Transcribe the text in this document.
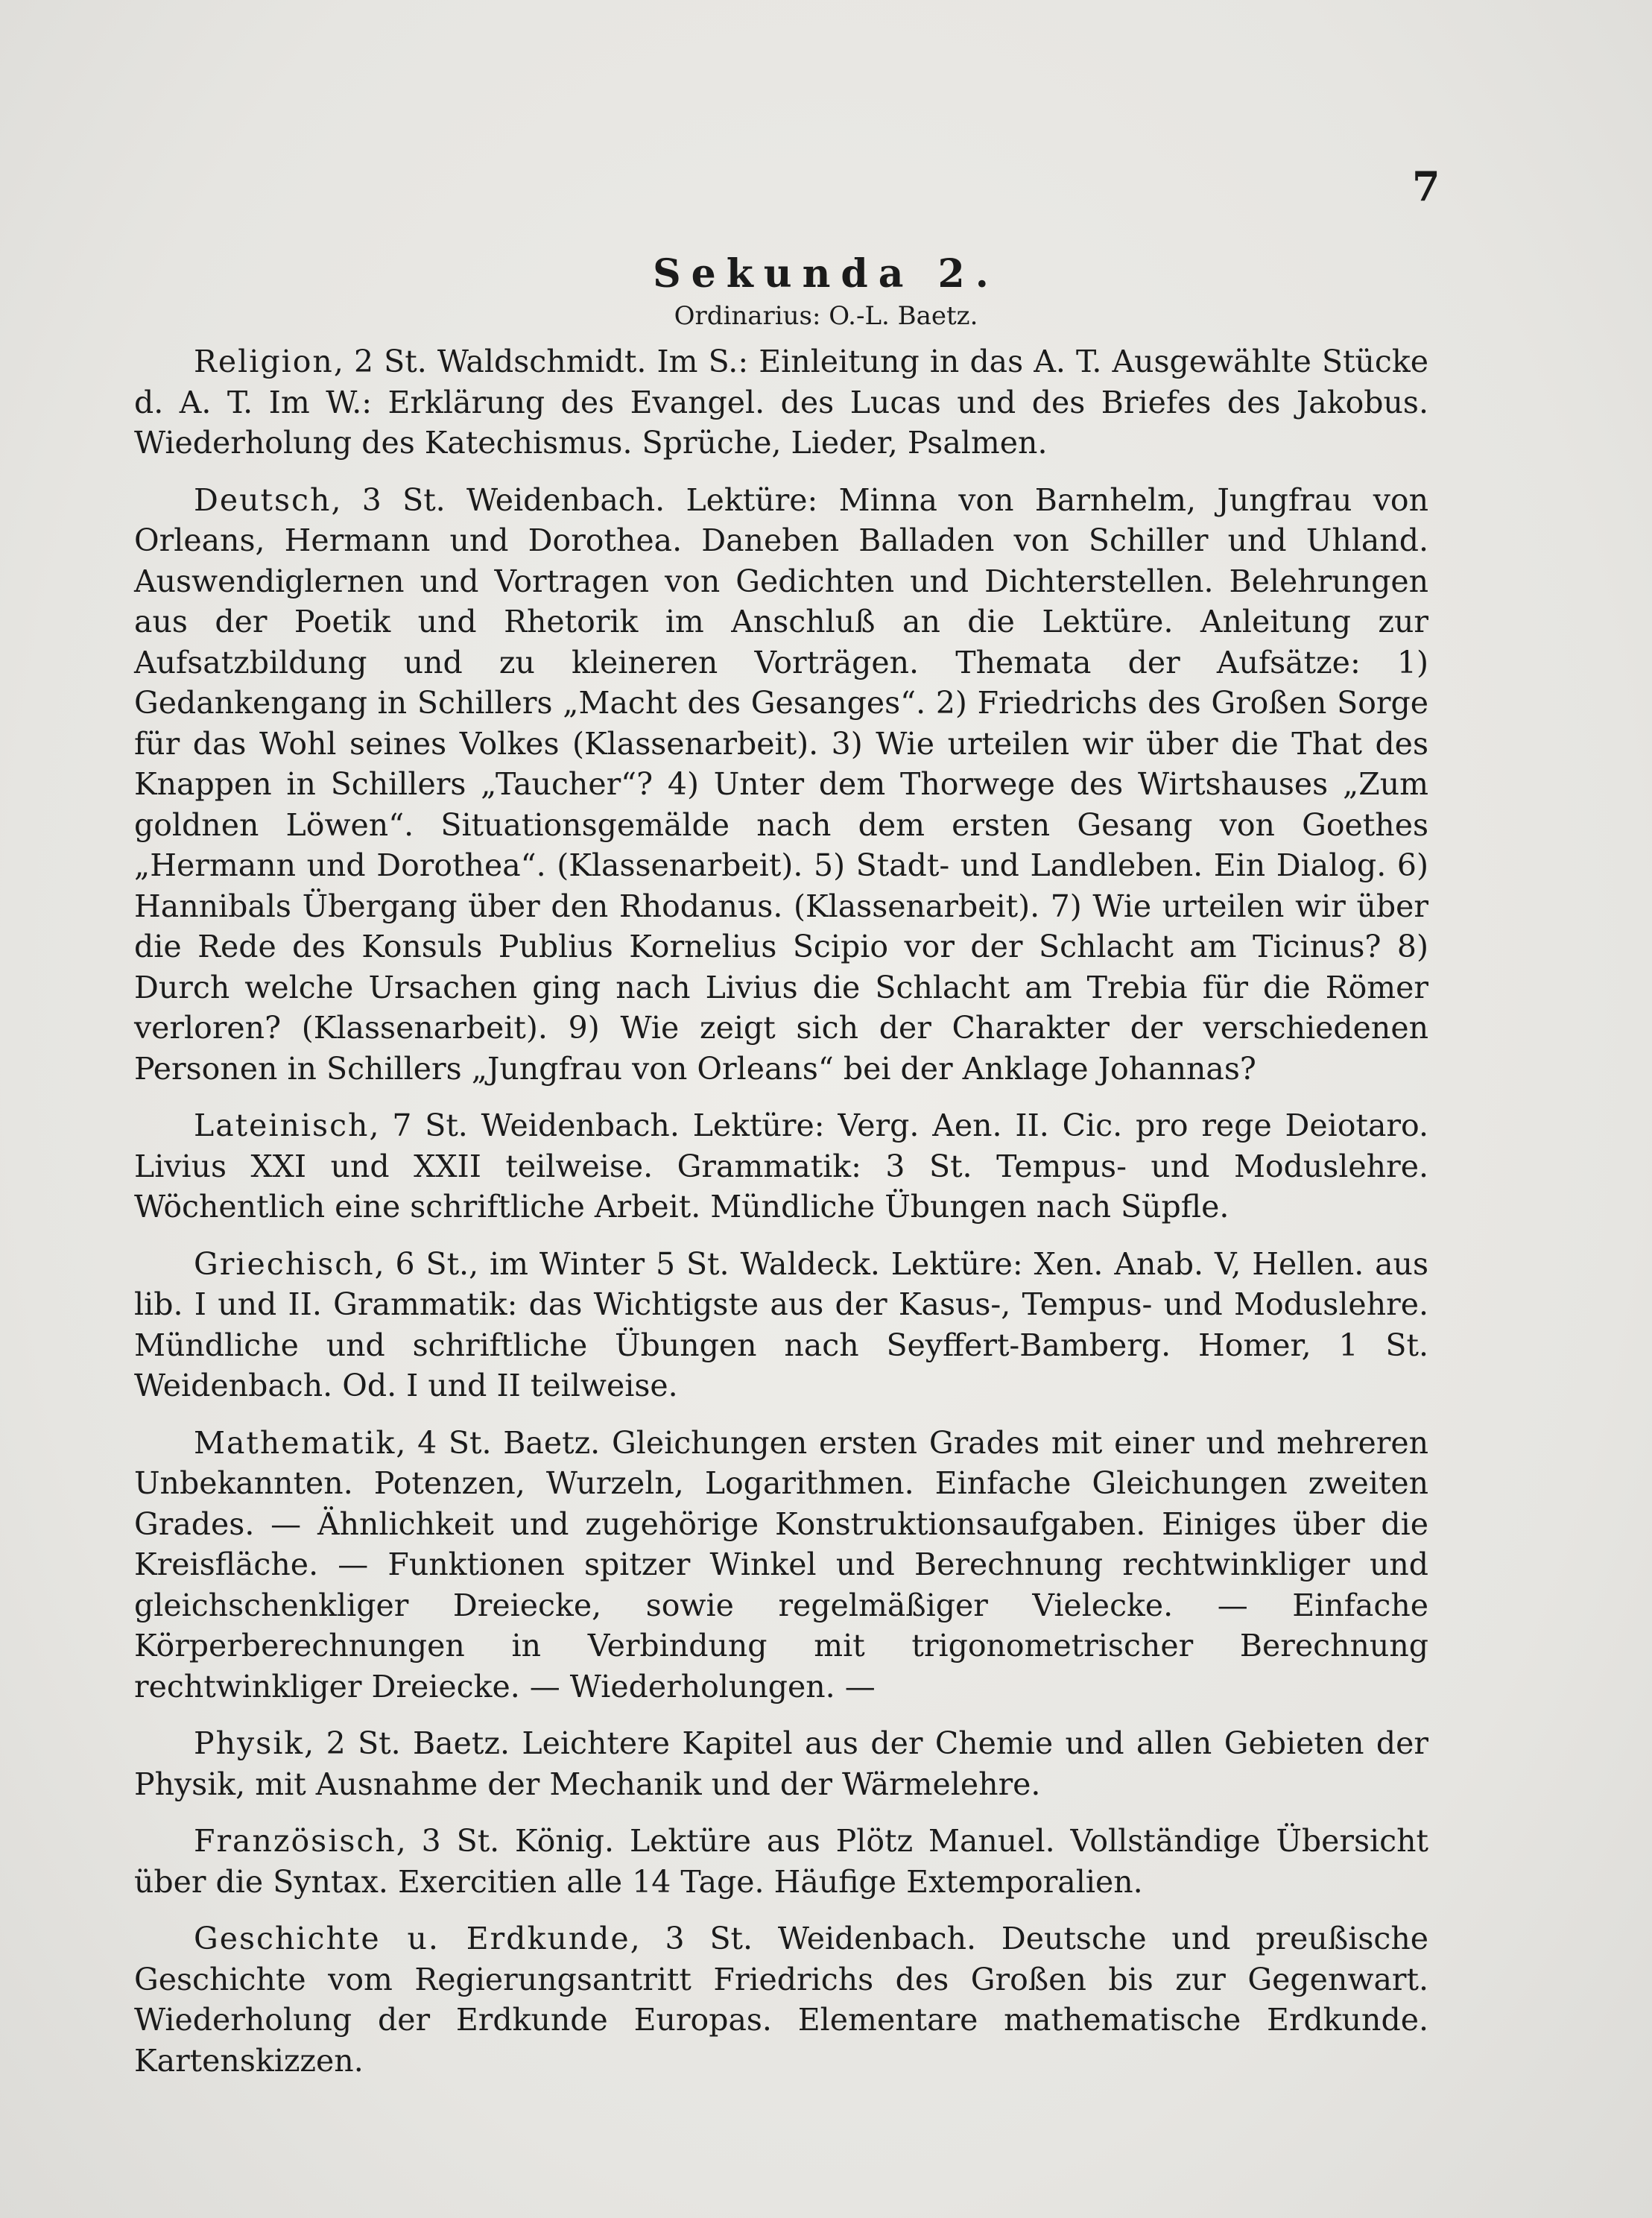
7
Sekunda 2.
Ordinarius: O.-L. Baetz.

Religion, 2 St. Waldschmidt. Im S.: Einleitung in das A. T. Ausgewählte Stücke d. A. T. Im W.: Erklärung des Evangel. des Lucas und des Briefes des Jakobus. Wiederholung des Katechismus. Sprüche, Lieder, Psalmen.

Deutsch, 3 St. Weidenbach. Lektüre: Minna von Barnhelm, Jungfrau von Orleans, Hermann und Dorothea. Daneben Balladen von Schiller und Uhland. Auswendiglernen und Vortragen von Gedichten und Dichterstellen. Belehrungen aus der Poetik und Rhetorik im Anschluß an die Lektüre. Anleitung zur Aufsatzbildung und zu kleineren Vorträgen. Themata der Aufsätze: 1) Gedankengang in Schillers „Macht des Gesanges“. 2) Friedrichs des Großen Sorge für das Wohl seines Volkes (Klassenarbeit). 3) Wie urteilen wir über die That des Knappen in Schillers „Taucher“? 4) Unter dem Thorwege des Wirtshauses „Zum goldnen Löwen“. Situationsgemälde nach dem ersten Gesang von Goethes „Hermann und Dorothea“. (Klassenarbeit). 5) Stadt- und Landleben. Ein Dialog. 6) Hannibals Übergang über den Rhodanus. (Klassenarbeit). 7) Wie urteilen wir über die Rede des Konsuls Publius Kornelius Scipio vor der Schlacht am Ticinus? 8) Durch welche Ursachen ging nach Livius die Schlacht am Trebia für die Römer verloren? (Klassenarbeit). 9) Wie zeigt sich der Charakter der verschiedenen Personen in Schillers „Jungfrau von Orleans“ bei der Anklage Johannas?

Lateinisch, 7 St. Weidenbach. Lektüre: Verg. Aen. II. Cic. pro rege Deiotaro. Livius XXI und XXII teilweise. Grammatik: 3 St. Tempus- und Moduslehre. Wöchentlich eine schriftliche Arbeit. Mündliche Übungen nach Süpfle.

Griechisch, 6 St., im Winter 5 St. Waldeck. Lektüre: Xen. Anab. V, Hellen. aus lib. I und II. Grammatik: das Wichtigste aus der Kasus-, Tempus- und Moduslehre. Mündliche und schriftliche Übungen nach Seyffert-Bamberg. Homer, 1 St. Weidenbach. Od. I und II teilweise.

Mathematik, 4 St. Baetz. Gleichungen ersten Grades mit einer und mehreren Unbekannten. Potenzen, Wurzeln, Logarithmen. Einfache Gleichungen zweiten Grades. — Ähnlichkeit und zugehörige Konstruktionsaufgaben. Einiges über die Kreisfläche. — Funktionen spitzer Winkel und Berechnung rechtwinkliger und gleichschenkliger Dreiecke, sowie regelmäßiger Vielecke. — Einfache Körperberechnungen in Verbindung mit trigonometrischer Berechnung rechtwinkliger Dreiecke. — Wiederholungen. —

Physik, 2 St. Baetz. Leichtere Kapitel aus der Chemie und allen Gebieten der Physik, mit Ausnahme der Mechanik und der Wärmelehre.

Französisch, 3 St. König. Lektüre aus Plötz Manuel. Vollständige Übersicht über die Syntax. Exercitien alle 14 Tage. Häufige Extemporalien.

Geschichte u. Erdkunde, 3 St. Weidenbach. Deutsche und preußische Geschichte vom Regierungsantritt Friedrichs des Großen bis zur Gegenwart. Wiederholung der Erdkunde Europas. Elementare mathematische Erdkunde. Kartenskizzen.
